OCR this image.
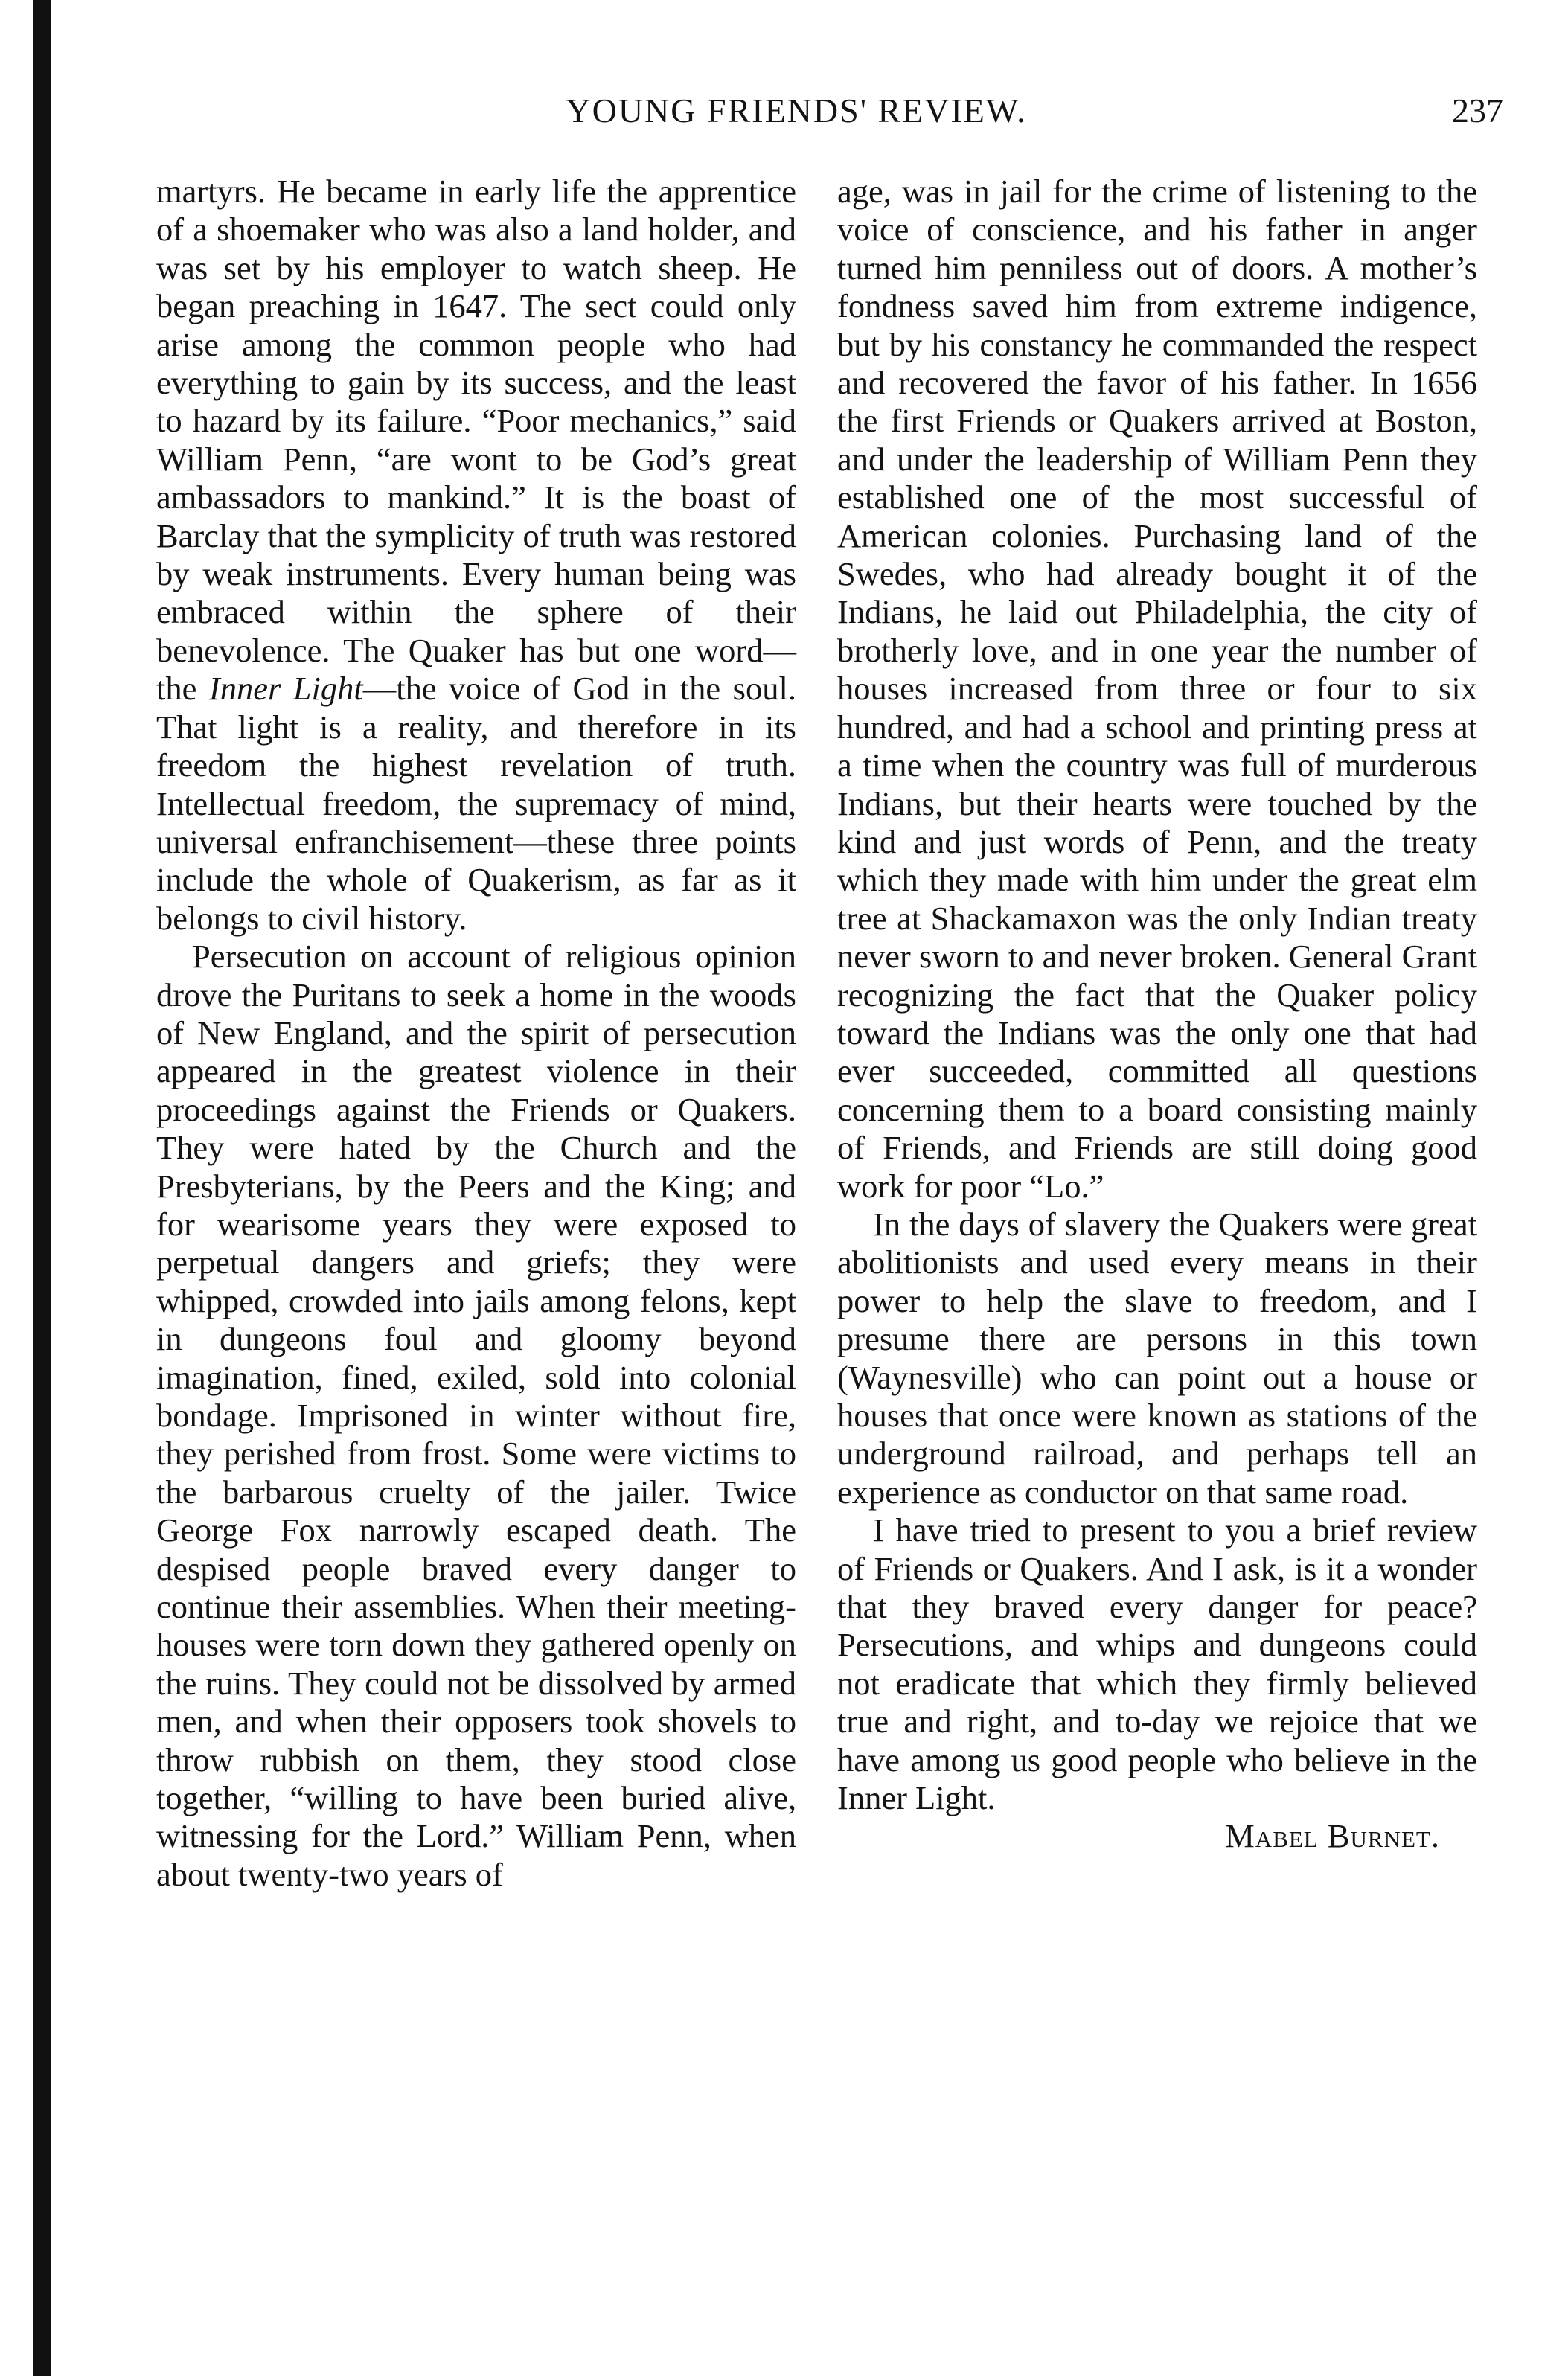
YOUNG FRIENDS' REVIEW.	237

martyrs. He became in early life the apprentice of a shoemaker who was also a land holder, and was set by his employer to watch sheep. He began preaching in 1647. The sect could only arise among the common people who had everything to gain by its success, and the least to hazard by its failure. “Poor mechanics,” said William Penn, “are wont to be God’s great ambassadors to mankind.” It is the boast of Barclay that the symplicity of truth was restored by weak instruments. Every human being was embraced within the sphere of their benevolence. The Quaker has but one word—the Inner Light—the voice of God in the soul. That light is a reality, and therefore in its freedom the highest revelation of truth. Intellectual freedom, the supremacy of mind, universal enfranchisement—these three points include the whole of Quakerism, as far as it belongs to civil history.

Persecution on account of religious opinion drove the Puritans to seek a home in the woods of New England, and the spirit of persecution appeared in the greatest violence in their proceedings against the Friends or Quakers. They were hated by the Church and the Presbyterians, by the Peers and the King; and for wearisome years they were exposed to perpetual dangers and griefs; they were whipped, crowded into jails among felons, kept in dungeons foul and gloomy beyond imagination, fined, exiled, sold into colonial bondage. Imprisoned in winter without fire, they perished from frost. Some were victims to the barbarous cruelty of the jailer. Twice George Fox narrowly escaped death. The despised people braved every danger to continue their assemblies. When their meeting-houses were torn down they gathered openly on the ruins. They could not be dissolved by armed men, and when their opposers took shovels to throw rubbish on them, they stood close together, “willing to have been buried alive, witnessing for the Lord.” William Penn, when about twenty-two years of

age, was in jail for the crime of listening to the voice of conscience, and his father in anger turned him penniless out of doors. A mother’s fondness saved him from extreme indigence, but by his constancy he commanded the respect and recovered the favor of his father. In 1656 the first Friends or Quakers arrived at Boston, and under the leadership of William Penn they established one of the most successful of American colonies. Purchasing land of the Swedes, who had already bought it of the Indians, he laid out Philadelphia, the city of brotherly love, and in one year the number of houses increased from three or four to six hundred, and had a school and printing press at a time when the country was full of murderous Indians, but their hearts were touched by the kind and just words of Penn, and the treaty which they made with him under the great elm tree at Shackamaxon was the only Indian treaty never sworn to and never broken. General Grant recognizing the fact that the Quaker policy toward the Indians was the only one that had ever succeeded, committed all questions concerning them to a board consisting mainly of Friends, and Friends are still doing good work for poor “Lo.”

In the days of slavery the Quakers were great abolitionists and used every means in their power to help the slave to freedom, and I presume there are persons in this town (Waynesville) who can point out a house or houses that once were known as stations of the underground railroad, and perhaps tell an experience as conductor on that same road.

I have tried to present to you a brief review of Friends or Quakers. And I ask, is it a wonder that they braved every danger for peace? Persecutions, and whips and dungeons could not eradicate that which they firmly believed true and right, and to-day we rejoice that we have among us good people who believe in the Inner Light.

Mabel Burnet.
